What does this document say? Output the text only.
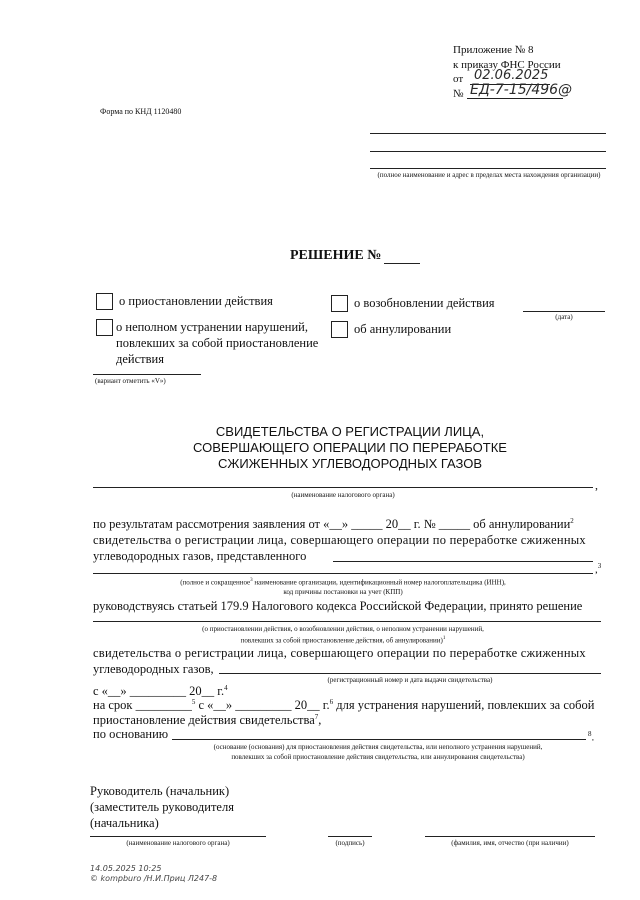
Приложение № 8
к приказу ФНС России
от 02.06.2025
№ ЕД-7-15/496@
Форма по КНД 1120480
(полное наименование и адрес в пределах места нахождения организации)
РЕШЕНИЕ №
о приостановлении действия	о возобновлении действия
о неполном устранении нарушений, повлекших за собой приостановление действия
об аннулировании
(дата)
(вариант отметить «V»)
СВИДЕТЕЛЬСТВА О РЕГИСТРАЦИИ ЛИЦА,
СОВЕРШАЮЩЕГО ОПЕРАЦИИ ПО ПЕРЕРАБОТКЕ
СЖИЖЕННЫХ УГЛЕВОДОРОДНЫХ ГАЗОВ
,
(наименование налогового органа)
по результатам рассмотрения заявления от «__» _____ 20__ г. № _____ об аннулировании$^2$
свидетельства о регистрации лица, совершающего операции по переработке сжиженных
углеводородных газов, представленного
,$^3$
(полное и сокращенное$^3$ наименование организации, идентификационный номер налогоплательщика (ИНН),
код причины постановки на учет (КПП)
руководствуясь статьей 179.9 Налогового кодекса Российской Федерации, принято решение
(о приостановлении действия, о возобновлении действия, о неполном устранении нарушений,
повлекших за собой приостановление действия, об аннулировании)$^1$
свидетельства о регистрации лица, совершающего операции по переработке сжиженных
углеводородных газов,
(регистрационный номер и дата выдачи свидетельства)
с «__» _________ 20__ г.$^4$
на срок _________$^5$ с «__» _________ 20__ г.$^6$ для устранения нарушений, повлекших за собой
приостановление действия свидетельства$^7$,
по основанию	$^8$.
(основание (основания) для приостановления действия свидетельства, или неполного устранения нарушений,
повлекших за собой приостановление действия свидетельства, или аннулирования свидетельства)
Руководитель (начальник)
(заместитель руководителя
(начальника)
(наименование налогового органа)	(подпись)	(фамилия, имя, отчество (при наличии)
14.05.2025 10:25
© kompburo /Н.И.Приц Л247-8
